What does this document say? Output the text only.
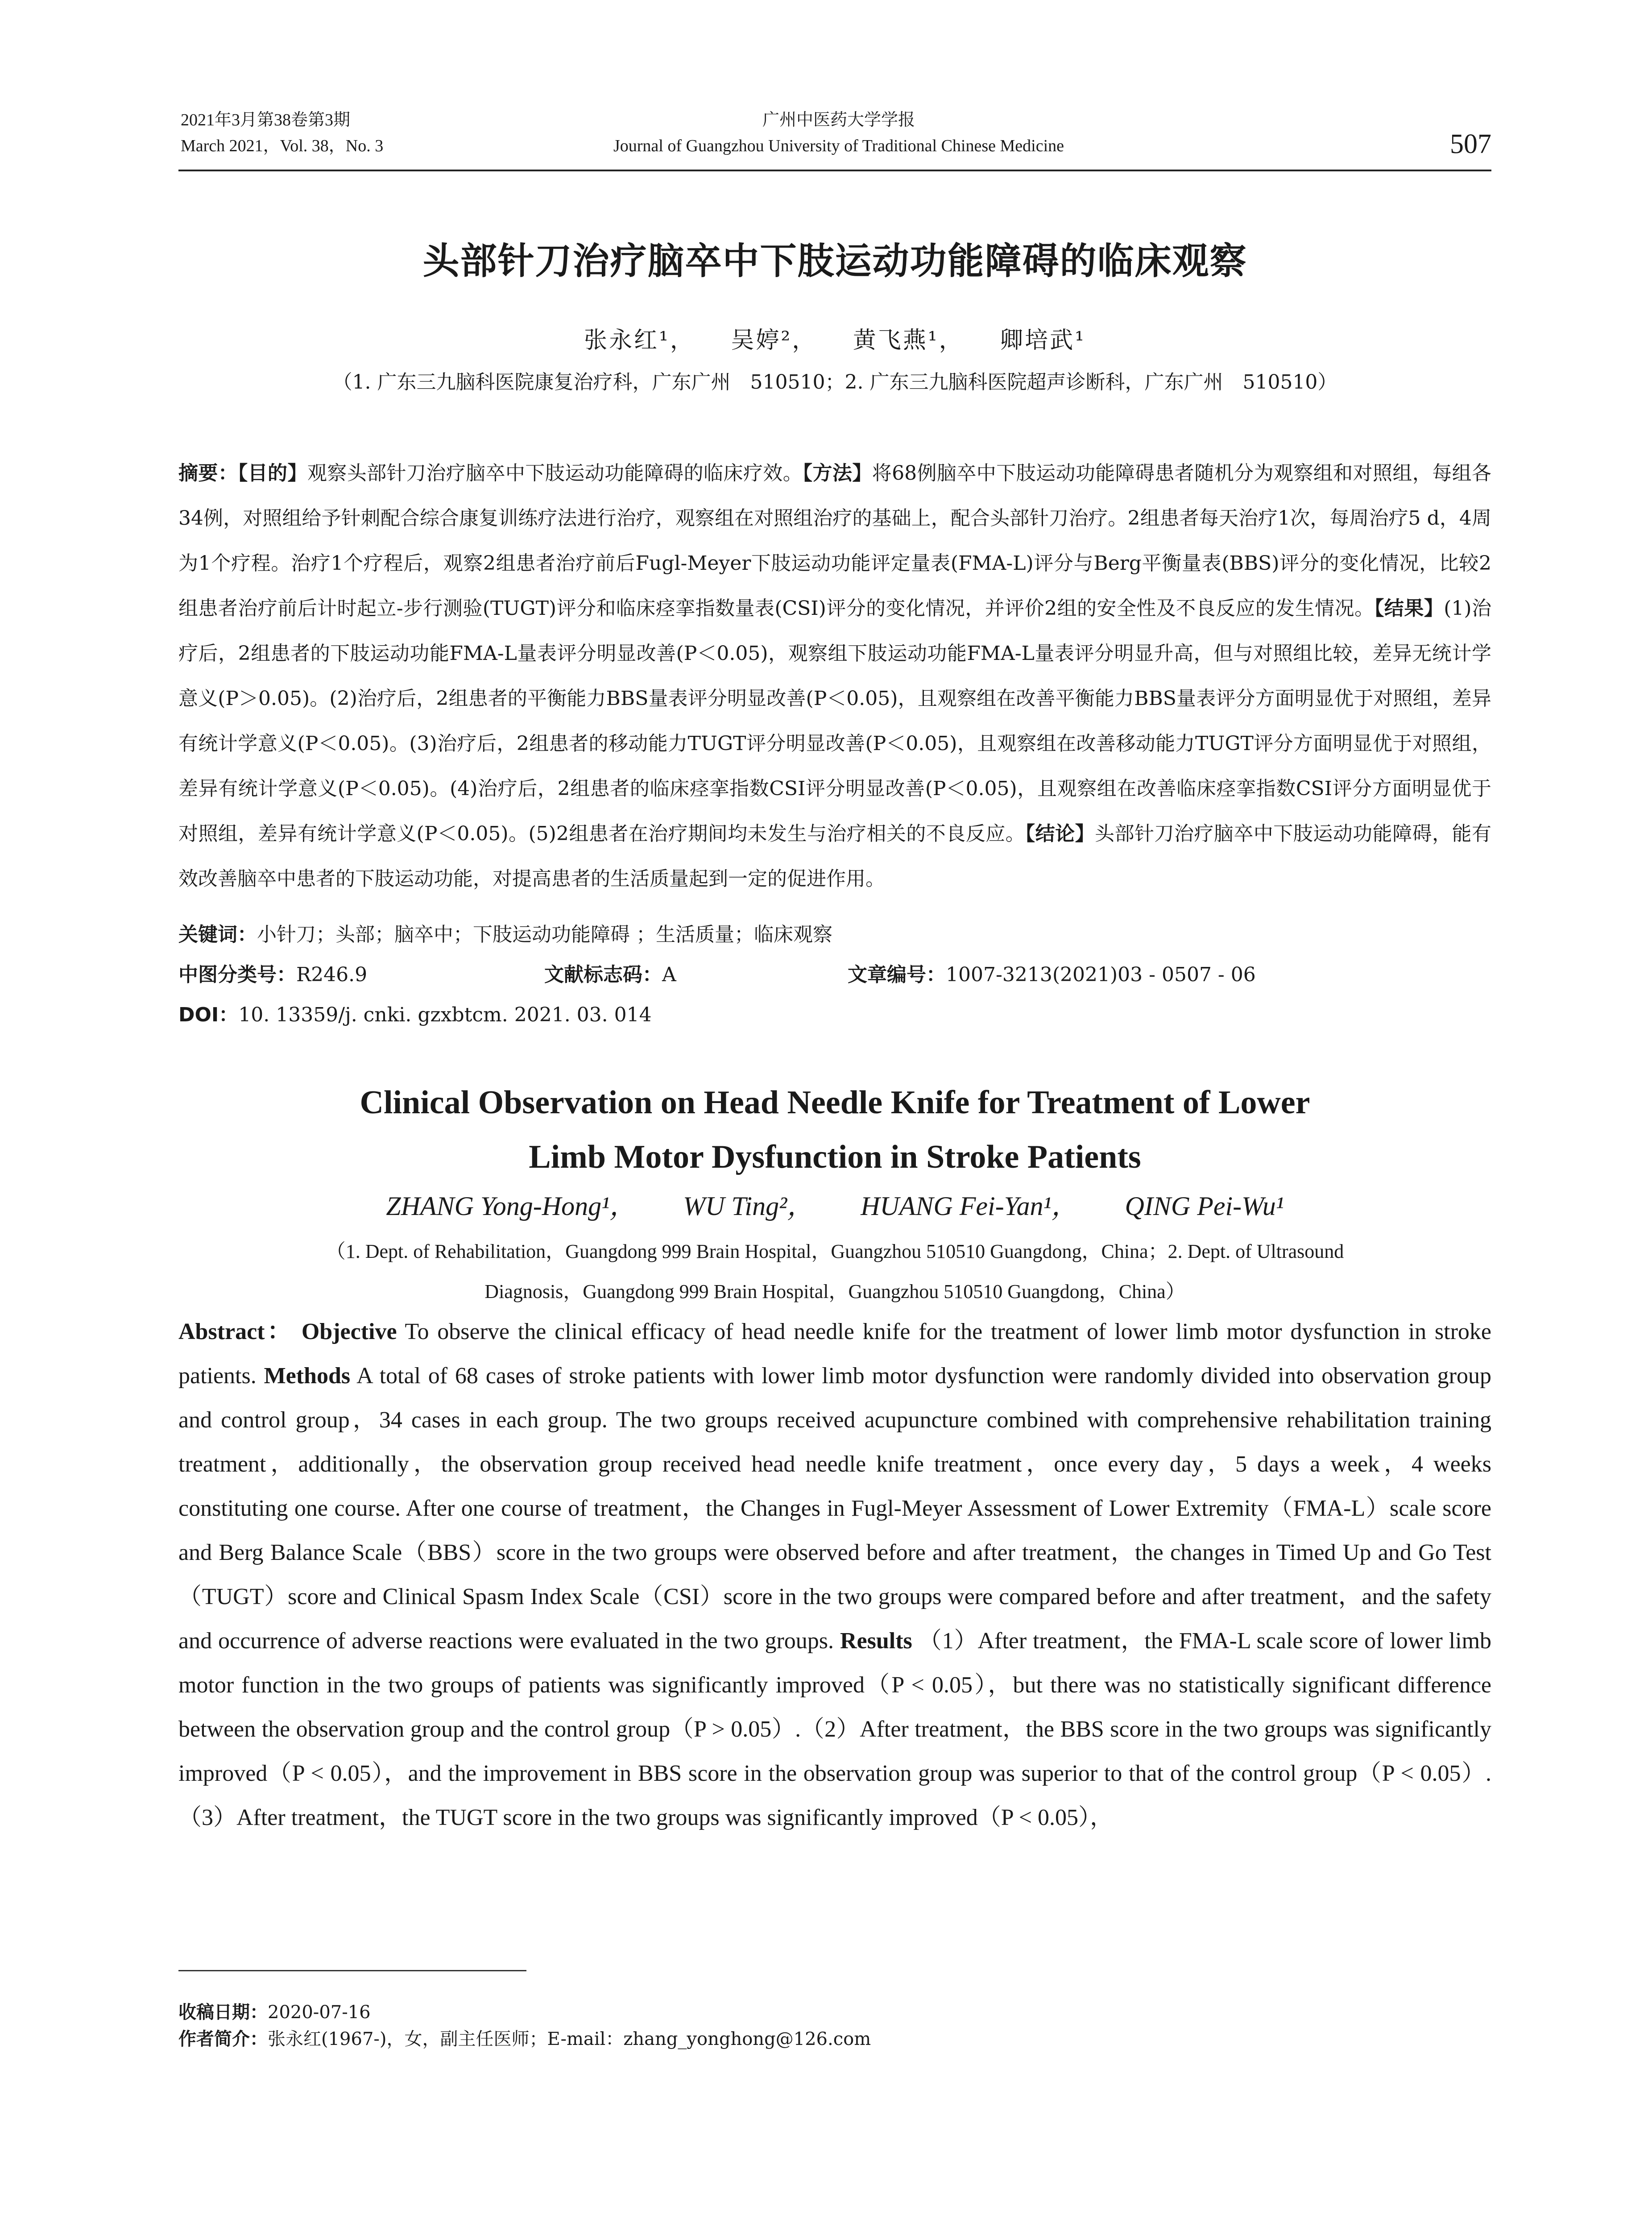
2021年3月第38卷第3期
March 2021，Vol. 38，No. 3
广州中医药大学学报
Journal of Guangzhou University of Traditional Chinese Medicine	507
头部针刀治疗脑卒中下肢运动功能障碍的临床观察
张永红¹， 吴婷²， 黄飞燕¹， 卿培武¹
（1. 广东三九脑科医院康复治疗科，广东广州　510510；2. 广东三九脑科医院超声诊断科，广东广州　510510）
摘要：【目的】观察头部针刀治疗脑卒中下肢运动功能障碍的临床疗效。【方法】将68例脑卒中下肢运动功能障碍患者随机分为观察组和对照组，每组各34例，对照组给予针刺配合综合康复训练疗法进行治疗，观察组在对照组治疗的基础上，配合头部针刀治疗。2组患者每天治疗1次，每周治疗5 d，4周为1个疗程。治疗1个疗程后，观察2组患者治疗前后Fugl-Meyer下肢运动功能评定量表(FMA-L)评分与Berg平衡量表(BBS)评分的变化情况，比较2组患者治疗前后计时起立-步行测验(TUGT)评分和临床痉挛指数量表(CSI)评分的变化情况，并评价2组的安全性及不良反应的发生情况。【结果】(1)治疗后，2组患者的下肢运动功能FMA-L量表评分明显改善(P＜0.05)，观察组下肢运动功能FMA-L量表评分明显升高，但与对照组比较，差异无统计学意义(P＞0.05)。(2)治疗后，2组患者的平衡能力BBS量表评分明显改善(P＜0.05)，且观察组在改善平衡能力BBS量表评分方面明显优于对照组，差异有统计学意义(P＜0.05)。(3)治疗后，2组患者的移动能力TUGT评分明显改善(P＜0.05)，且观察组在改善移动能力TUGT评分方面明显优于对照组，差异有统计学意义(P＜0.05)。(4)治疗后，2组患者的临床痉挛指数CSI评分明显改善(P＜0.05)，且观察组在改善临床痉挛指数CSI评分方面明显优于对照组，差异有统计学意义(P＜0.05)。(5)2组患者在治疗期间均未发生与治疗相关的不良反应。【结论】头部针刀治疗脑卒中下肢运动功能障碍，能有效改善脑卒中患者的下肢运动功能，对提高患者的生活质量起到一定的促进作用。
关键词：小针刀；头部；脑卒中；下肢运动功能障碍 ；生活质量；临床观察
中图分类号：R246.9	文献标志码：A	文章编号：1007-3213(2021)03 - 0507 - 06
DOI：10. 13359/j. cnki. gzxbtcm. 2021. 03. 014
Clinical Observation on Head Needle Knife for Treatment of Lower
Limb Motor Dysfunction in Stroke Patients
ZHANG Yong-Hong¹， WU Ting²， HUANG Fei-Yan¹， QING Pei-Wu¹
（1. Dept. of Rehabilitation，Guangdong 999 Brain Hospital，Guangzhou 510510 Guangdong，China；2. Dept. of Ultrasound
Diagnosis，Guangdong 999 Brain Hospital，Guangzhou 510510 Guangdong，China）
Abstract： Objective To observe the clinical efficacy of head needle knife for the treatment of lower limb motor dysfunction in stroke patients. Methods A total of 68 cases of stroke patients with lower limb motor dysfunction were randomly divided into observation group and control group，34 cases in each group. The two groups received acupuncture combined with comprehensive rehabilitation training treatment，additionally，the observation group received head needle knife treatment，once every day，5 days a week，4 weeks constituting one course. After one course of treatment，the Changes in Fugl-Meyer Assessment of Lower Extremity（FMA-L）scale score and Berg Balance Scale（BBS）score in the two groups were observed before and after treatment，the changes in Timed Up and Go Test（TUGT）score and Clinical Spasm Index Scale（CSI）score in the two groups were compared before and after treatment，and the safety and occurrence of adverse reactions were evaluated in the two groups. Results （1）After treatment，the FMA-L scale score of lower limb motor function in the two groups of patients was significantly improved（P < 0.05），but there was no statistically significant difference between the observation group and the control group（P > 0.05）.（2）After treatment，the BBS score in the two groups was significantly improved（P < 0.05），and the improvement in BBS score in the observation group was superior to that of the control group（P < 0.05）.（3）After treatment，the TUGT score in the two groups was significantly improved（P < 0.05），
收稿日期：2020-07-16
作者简介：张永红(1967-)，女，副主任医师；E-mail：zhang_yonghong@126.com
